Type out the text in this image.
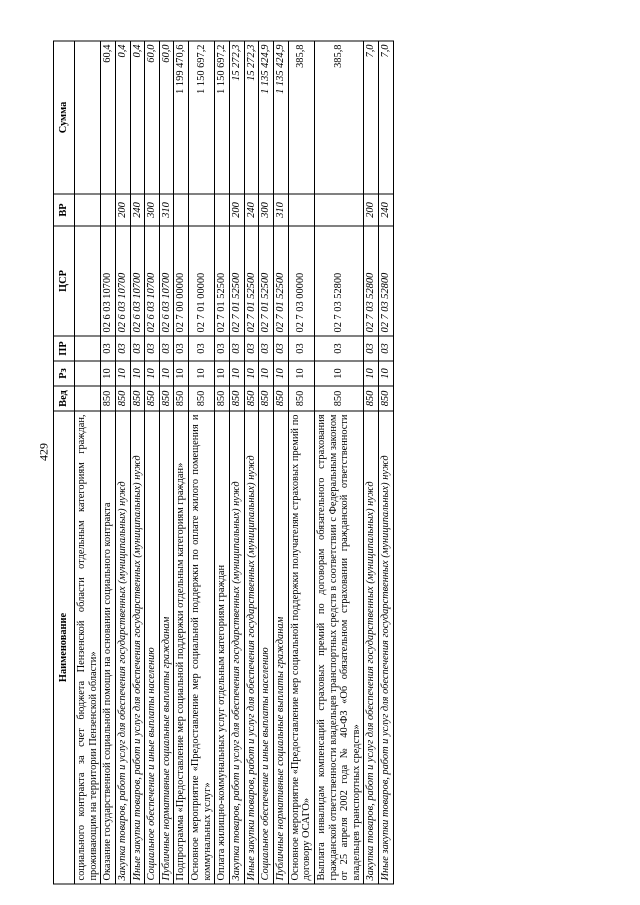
429
Наименование	Вед	Рз	ПР	ЦСР	ВР	Сумма
социального контракта за счет бюджета Пензенской области отдельным категориям граждан, проживающим на территории Пензенской области»						
Оказание государственной социальной помощи на основании социального контракта	850	10	03	02 6 03 10700		60,4
Закупка товаров, работ и услуг для обеспечения государственных (муниципальных) нужд	850	10	03	02 6 03 10700	200	0,4
Иные закупки товаров, работ и услуг для обеспечения государственных (муниципальных) нужд	850	10	03	02 6 03 10700	240	0,4
Социальное обеспечение и иные выплаты населению	850	10	03	02 6 03 10700	300	60,0
Публичные нормативные социальные выплаты гражданам	850	10	03	02 6 03 10700	310	60,0
Подпрограмма «Предоставление мер социальной поддержки отдельным категориям граждан»	850	10	03	02 7 00 00000		1 199 470,6
Основное мероприятие «Предоставление мер социальной поддержки по оплате жилого помещения и коммунальных услуг»	850	10	03	02 7 01 00000		1 150 697,2
Оплата жилищно-коммунальных услуг отдельным категориям граждан	850	10	03	02 7 01 52500		1 150 697,2
Закупка товаров, работ и услуг для обеспечения государственных (муниципальных) нужд	850	10	03	02 7 01 52500	200	15 272,3
Иные закупки товаров, работ и услуг для обеспечения государственных (муниципальных) нужд	850	10	03	02 7 01 52500	240	15 272,3
Социальное обеспечение и иные выплаты населению	850	10	03	02 7 01 52500	300	1 135 424,9
Публичные нормативные социальные выплаты гражданам	850	10	03	02 7 01 52500	310	1 135 424,9
Основное мероприятие «Предоставление мер социальной поддержки получателям страховых премий по договору ОСАГО»	850	10	03	02 7 03 00000		385,8
Выплата инвалидам компенсаций страховых премий по договорам обязательного страхования гражданской ответственности владельцев транспортных средств в соответствии с Федеральным законом от 25 апреля 2002 года № 40-ФЗ «Об обязательном страховании гражданской ответственности владельцев транспортных средств»	850	10	03	02 7 03 52800		385,8
Закупка товаров, работ и услуг для обеспечения государственных (муниципальных) нужд	850	10	03	02 7 03 52800	200	7,0
Иные закупки товаров, работ и услуг для обеспечения государственных (муниципальных) нужд	850	10	03	02 7 03 52800	240	7,0
